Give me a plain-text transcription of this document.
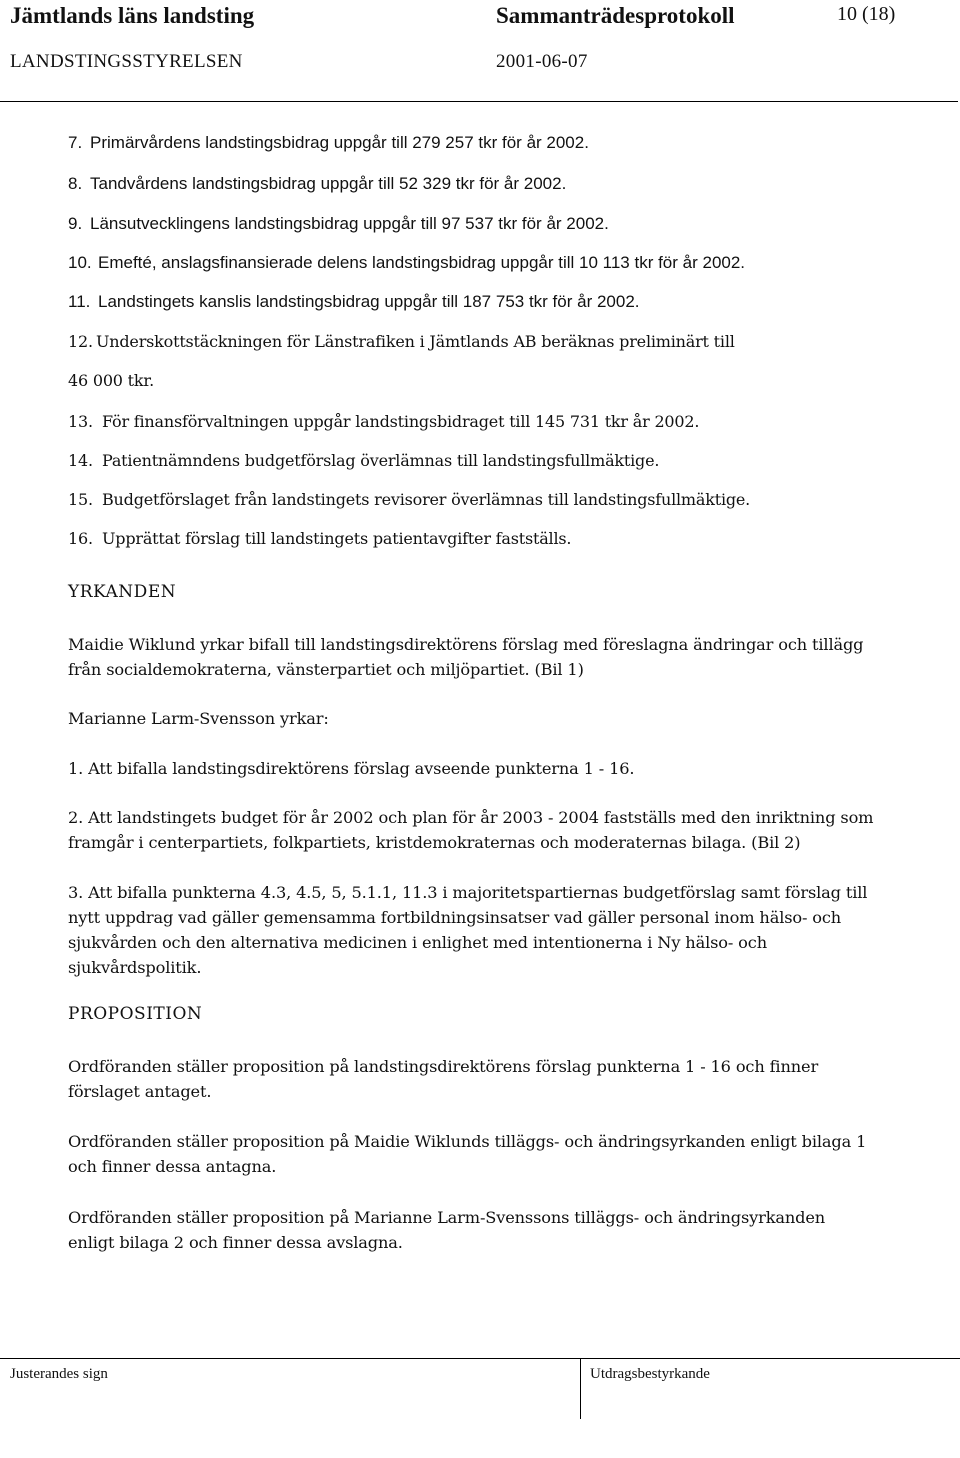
Jämtlands läns landsting	Sammanträdesprotokoll	10 (18)
LANDSTINGSSTYRELSEN	2001-06-07
7. Primärvårdens landstingsbidrag uppgår till 279 257 tkr för år 2002.
8. Tandvårdens landstingsbidrag uppgår till 52 329 tkr för år 2002.
9. Länsutvecklingens landstingsbidrag uppgår till 97 537 tkr för år 2002.
10. Emefté, anslagsfinansierade delens landstingsbidrag uppgår till 10 113 tkr för år 2002.
11. Landstingets kanslis landstingsbidrag uppgår till 187 753 tkr för år 2002.
12. Underskottstäckningen för Länstrafiken i Jämtlands AB beräknas preliminärt till
46 000 tkr.
13. För finansförvaltningen uppgår landstingsbidraget till 145 731 tkr år 2002.
14. Patientnämndens budgetförslag överlämnas till landstingsfullmäktige.
15. Budgetförslaget från landstingets revisorer överlämnas till landstingsfullmäktige.
16. Upprättat förslag till landstingets patientavgifter fastställs.
YRKANDEN
Maidie Wiklund yrkar bifall till landstingsdirektörens förslag med föreslagna ändringar och tillägg
från socialdemokraterna, vänsterpartiet och miljöpartiet. (Bil 1)
Marianne Larm-Svensson yrkar:
1. Att bifalla landstingsdirektörens förslag avseende punkterna 1 - 16.
2. Att landstingets budget för år 2002 och plan för år 2003 - 2004 fastställs med den inriktning som
framgår i centerpartiets, folkpartiets, kristdemokraternas och moderaternas bilaga. (Bil 2)
3. Att bifalla punkterna 4.3, 4.5, 5, 5.1.1, 11.3 i majoritetspartiernas budgetförslag samt förslag till
nytt uppdrag vad gäller gemensamma fortbildningsinsatser vad gäller personal inom hälso- och
sjukvården och den alternativa medicinen i enlighet med intentionerna i Ny hälso- och
sjukvårdspolitik.
PROPOSITION
Ordföranden ställer proposition på landstingsdirektörens förslag punkterna 1 - 16 och finner
förslaget antaget.
Ordföranden ställer proposition på Maidie Wiklunds tilläggs- och ändringsyrkanden enligt bilaga 1
och finner dessa antagna.
Ordföranden ställer proposition på Marianne Larm-Svenssons tilläggs- och ändringsyrkanden
enligt bilaga 2 och finner dessa avslagna.
Justerandes sign	Utdragsbestyrkande
